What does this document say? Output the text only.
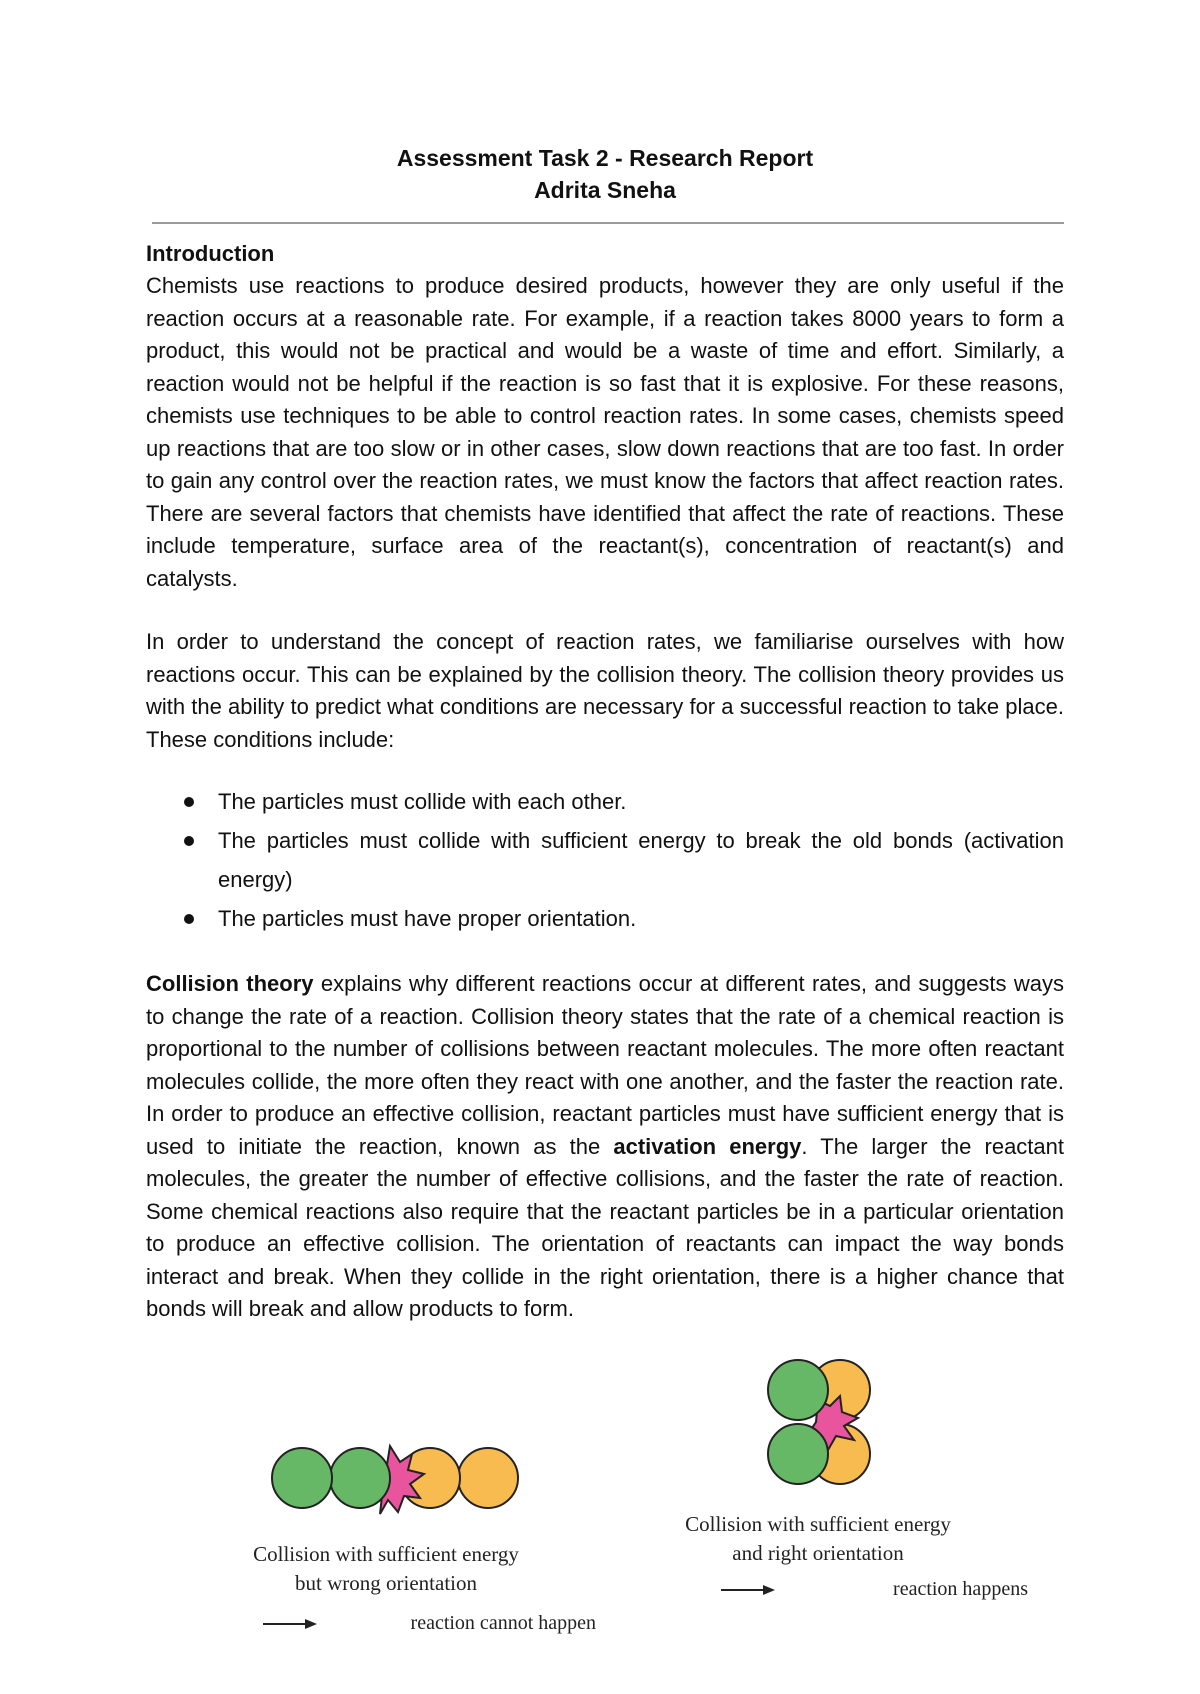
Assessment Task 2 - Research Report
Adrita Sneha
Introduction

Chemists use reactions to produce desired products, however they are only useful if the reaction occurs at a reasonable rate. For example, if a reaction takes 8000 years to form a product, this would not be practical and would be a waste of time and effort. Similarly, a reaction would not be helpful if the reaction is so fast that it is explosive. For these reasons, chemists use techniques to be able to control reaction rates. In some cases, chemists speed up reactions that are too slow or in other cases, slow down reactions that are too fast. In order to gain any control over the reaction rates, we must know the factors that affect reaction rates. There are several factors that chemists have identified that affect the rate of reactions. These include temperature, surface area of the reactant(s), concentration of reactant(s) and catalysts.

In order to understand the concept of reaction rates, we familiarise ourselves with how reactions occur. This can be explained by the collision theory. The collision theory provides us with the ability to predict what conditions are necessary for a successful reaction to take place. These conditions include:

The particles must collide with each other.
The particles must collide with sufficient energy to break the old bonds (activation energy)
The particles must have proper orientation.

Collision theory explains why different reactions occur at different rates, and suggests ways to change the rate of a reaction. Collision theory states that the rate of a chemical reaction is proportional to the number of collisions between reactant molecules. The more often reactant molecules collide, the more often they react with one another, and the faster the reaction rate. In order to produce an effective collision, reactant particles must have sufficient energy that is used to initiate the reaction, known as the activation energy. The larger the reactant molecules, the greater the number of effective collisions, and the faster the rate of reaction. Some chemical reactions also require that the reactant particles be in a particular orientation to produce an effective collision. The orientation of reactants can impact the way bonds interact and break. When they collide in the right orientation, there is a higher chance that bonds will break and allow products to form.

Collision with sufficient energy
but wrong orientation
reaction cannot happen
Collision with sufficient energy
and right orientation
reaction happens
